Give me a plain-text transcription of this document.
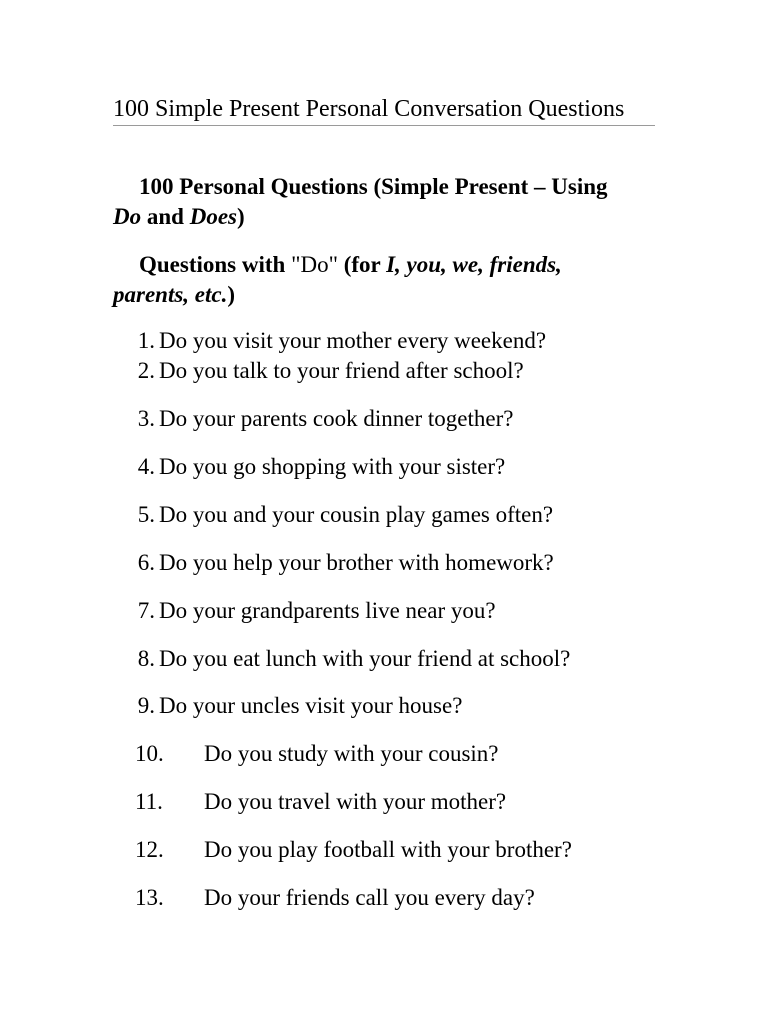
100 Simple Present Personal Conversation Questions
100 Personal Questions (Simple Present – Using
Do and Does)
Questions with "Do" (for I, you, we, friends,
parents, etc.)
1. Do you visit your mother every weekend?
2. Do you talk to your friend after school?
3. Do your parents cook dinner together?
4. Do you go shopping with your sister?
5. Do you and your cousin play games often?
6. Do you help your brother with homework?
7. Do your grandparents live near you?
8. Do you eat lunch with your friend at school?
9. Do your uncles visit your house?
10. Do you study with your cousin?
11. Do you travel with your mother?
12. Do you play football with your brother?
13. Do your friends call you every day?
